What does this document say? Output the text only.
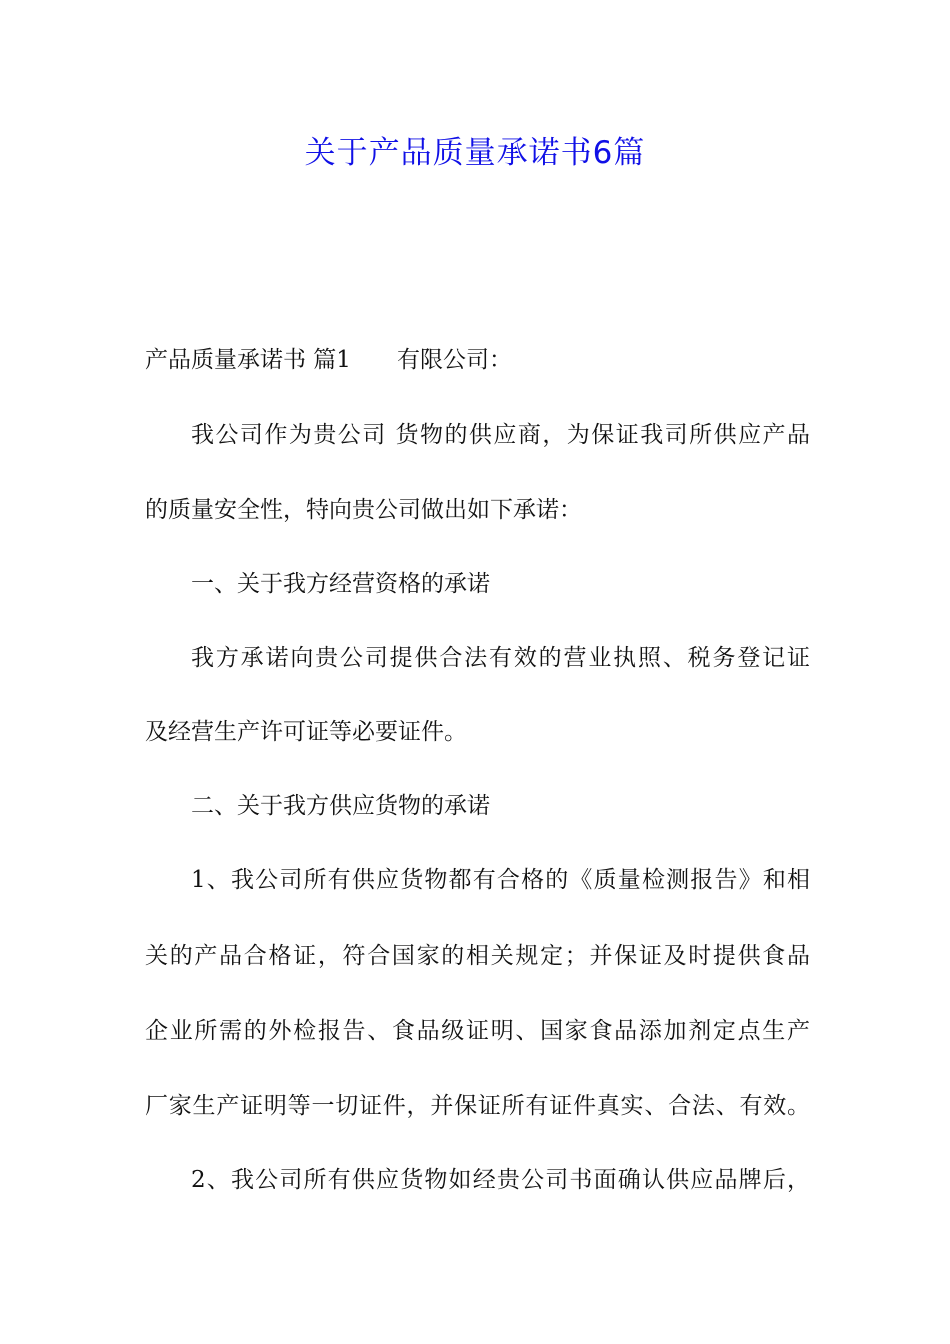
关于产品质量承诺书6篇
产品质量承诺书 篇1　　有限公司：
我公司作为贵公司 货物的供应商，为保证我司所供应产品
的质量安全性，特向贵公司做出如下承诺：
一、关于我方经营资格的承诺
我方承诺向贵公司提供合法有效的营业执照、税务登记证
及经营生产许可证等必要证件。
二、关于我方供应货物的承诺
1、我公司所有供应货物都有合格的《质量检测报告》和相
关的产品合格证，符合国家的相关规定；并保证及时提供食品
企业所需的外检报告、食品级证明、国家食品添加剂定点生产
厂家生产证明等一切证件，并保证所有证件真实、合法、有效。
2、我公司所有供应货物如经贵公司书面确认供应品牌后，
